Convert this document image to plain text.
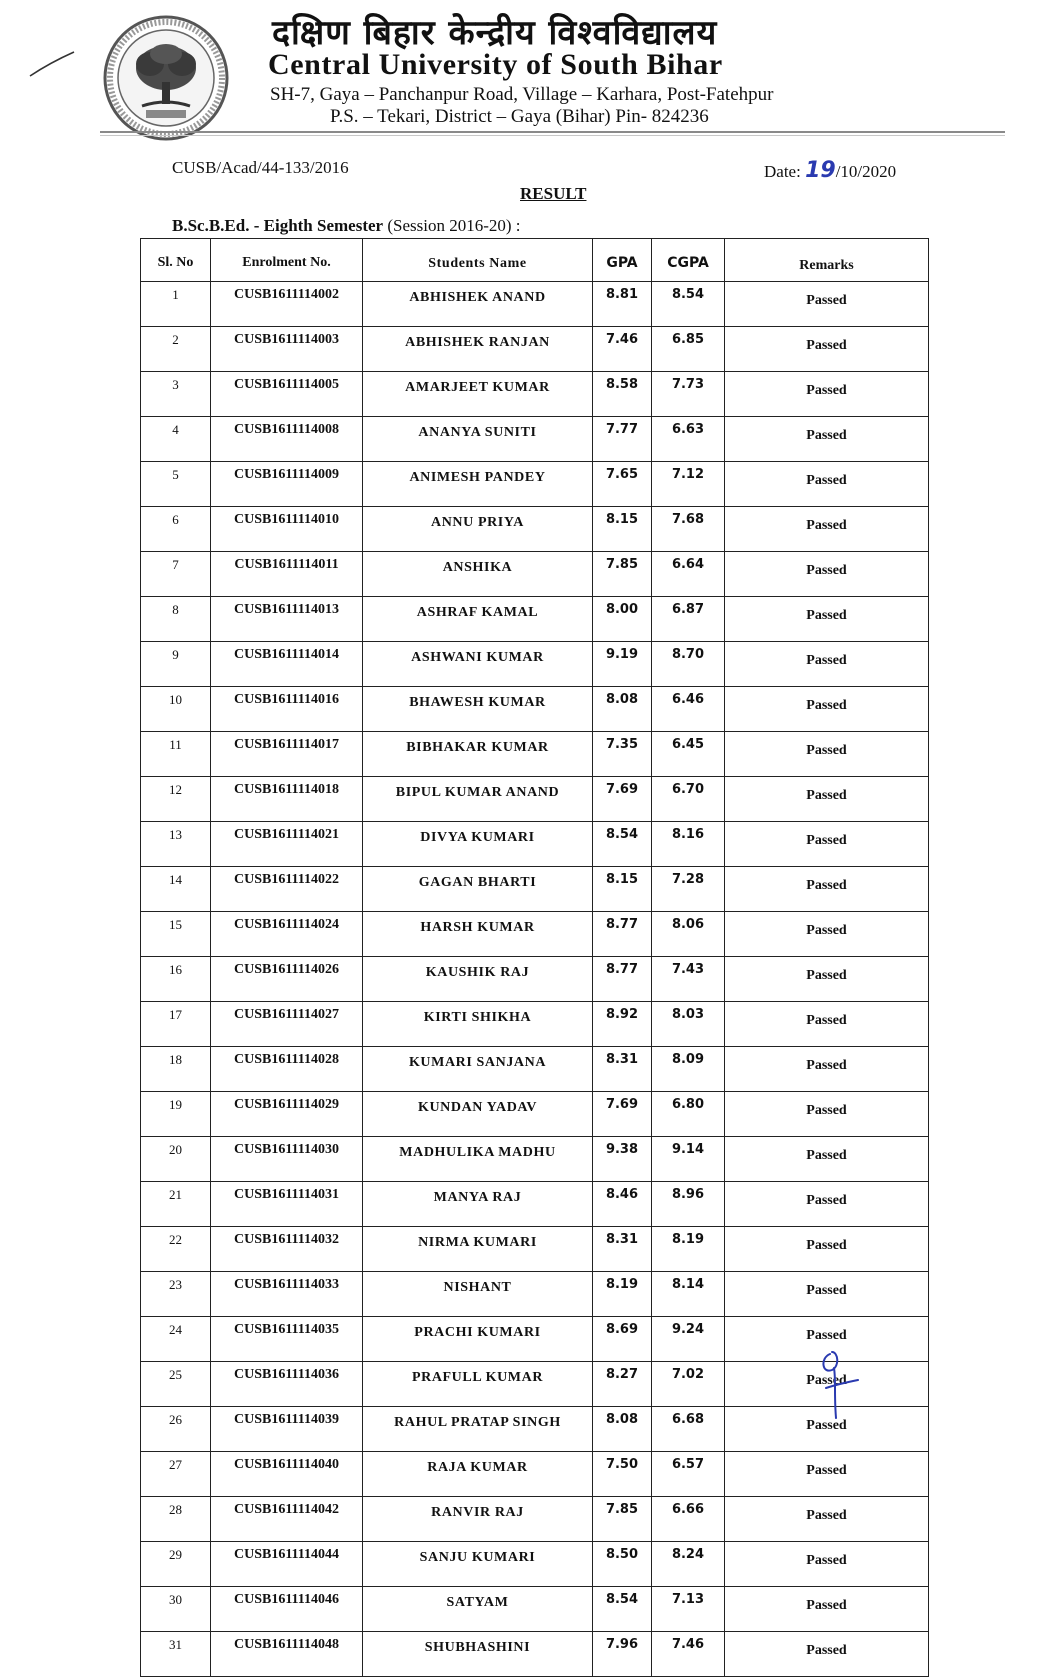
दक्षिण बिहार केन्द्रीय विश्वविद्यालय
Central University of South Bihar
SH-7, Gaya – Panchanpur Road, Village – Karhara, Post-Fatehpur
P.S. – Tekari, District – Gaya (Bihar) Pin- 824236
CUSB/Acad/44-133/2016	Date: 19/10/2020
RESULT
B.Sc.B.Ed. - Eighth Semester (Session 2016-20) :
Sl. No	Enrolment No.	Students Name	GPA	CGPA	Remarks
1	CUSB1611114002	ABHISHEK ANAND	8.81	8.54	Passed
2	CUSB1611114003	ABHISHEK RANJAN	7.46	6.85	Passed
3	CUSB1611114005	AMARJEET KUMAR	8.58	7.73	Passed
4	CUSB1611114008	ANANYA SUNITI	7.77	6.63	Passed
5	CUSB1611114009	ANIMESH PANDEY	7.65	7.12	Passed
6	CUSB1611114010	ANNU PRIYA	8.15	7.68	Passed
7	CUSB1611114011	ANSHIKA	7.85	6.64	Passed
8	CUSB1611114013	ASHRAF KAMAL	8.00	6.87	Passed
9	CUSB1611114014	ASHWANI KUMAR	9.19	8.70	Passed
10	CUSB1611114016	BHAWESH KUMAR	8.08	6.46	Passed
11	CUSB1611114017	BIBHAKAR KUMAR	7.35	6.45	Passed
12	CUSB1611114018	BIPUL KUMAR ANAND	7.69	6.70	Passed
13	CUSB1611114021	DIVYA KUMARI	8.54	8.16	Passed
14	CUSB1611114022	GAGAN BHARTI	8.15	7.28	Passed
15	CUSB1611114024	HARSH KUMAR	8.77	8.06	Passed
16	CUSB1611114026	KAUSHIK RAJ	8.77	7.43	Passed
17	CUSB1611114027	KIRTI SHIKHA	8.92	8.03	Passed
18	CUSB1611114028	KUMARI SANJANA	8.31	8.09	Passed
19	CUSB1611114029	KUNDAN YADAV	7.69	6.80	Passed
20	CUSB1611114030	MADHULIKA MADHU	9.38	9.14	Passed
21	CUSB1611114031	MANYA RAJ	8.46	8.96	Passed
22	CUSB1611114032	NIRMA KUMARI	8.31	8.19	Passed
23	CUSB1611114033	NISHANT	8.19	8.14	Passed
24	CUSB1611114035	PRACHI KUMARI	8.69	9.24	Passed
25	CUSB1611114036	PRAFULL KUMAR	8.27	7.02	Passed
26	CUSB1611114039	RAHUL PRATAP SINGH	8.08	6.68	Passed
27	CUSB1611114040	RAJA KUMAR	7.50	6.57	Passed
28	CUSB1611114042	RANVIR RAJ	7.85	6.66	Passed
29	CUSB1611114044	SANJU KUMARI	8.50	8.24	Passed
30	CUSB1611114046	SATYAM	8.54	7.13	Passed
31	CUSB1611114048	SHUBHASHINI	7.96	7.46	Passed
